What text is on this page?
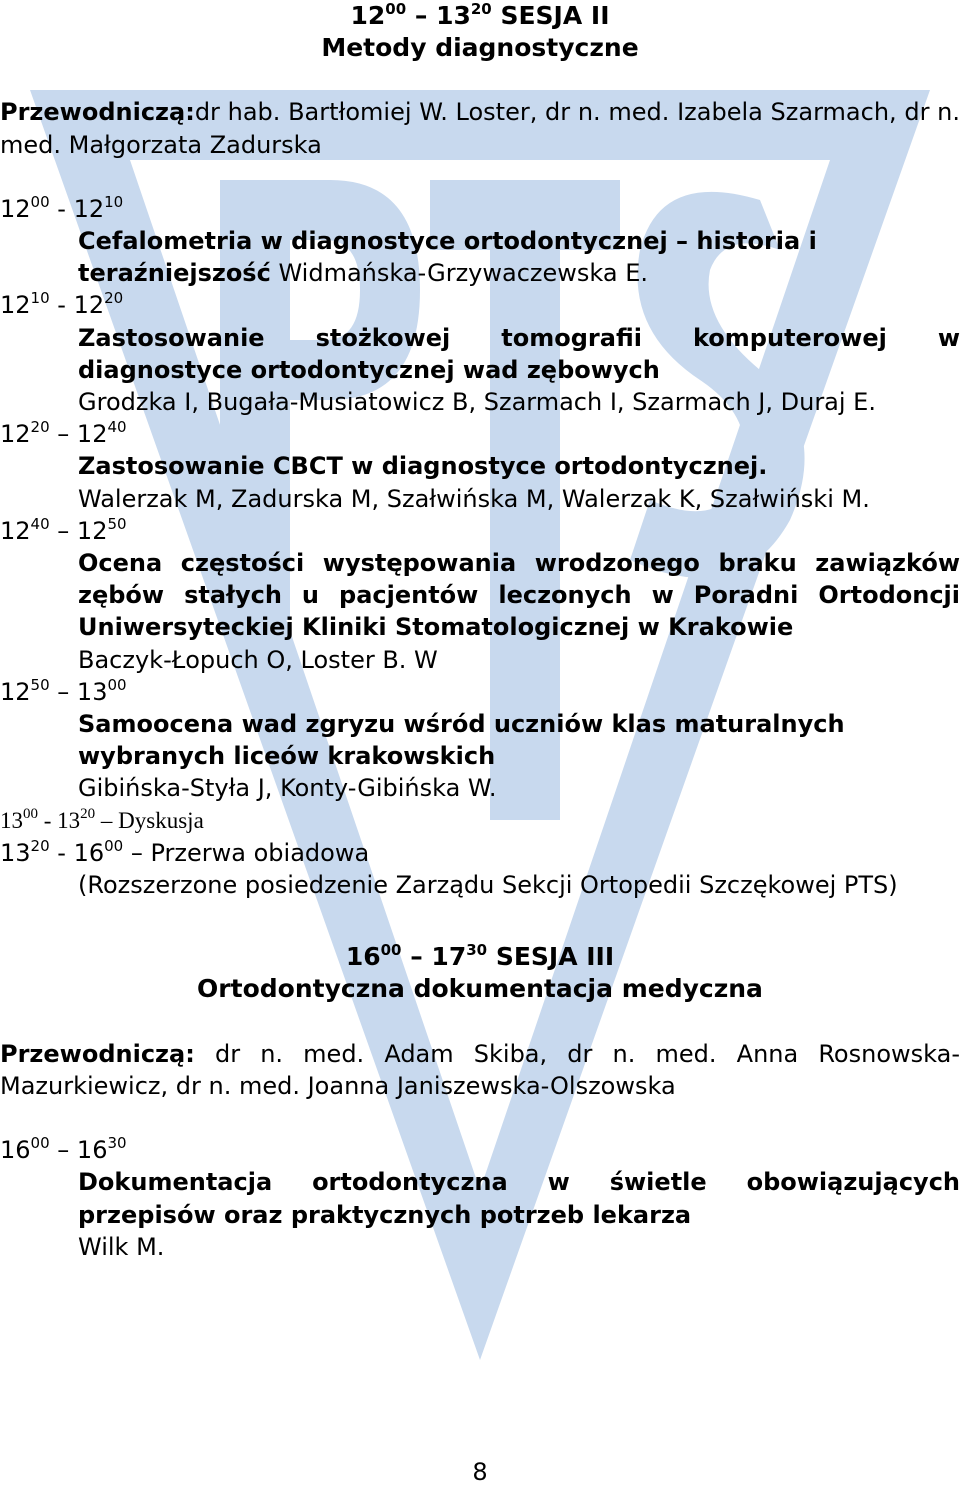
$12^{00} - 13^{20}$ SESJA II
Metody diagnostyczne
Przewodniczą:dr hab. Bartłomiej W. Loster, dr n. med. Izabela Szarmach, dr n. med. Małgorzata Zadurska
$12^{00} - 12^{10}$
Cefalometria w diagnostyce ortodontycznej – historia i teraźniejszość Widmańska-Grzywaczewska E.
$12^{10} - 12^{20}$
Zastosowanie stożkowej tomografii komputerowej w diagnostyce ortodontycznej wad zębowych
Grodzka I, Bugała-Musiatowicz B, Szarmach I, Szarmach J, Duraj E.
$12^{20} - 12^{40}$
Zastosowanie CBCT w diagnostyce ortodontycznej.
Walerzak M, Zadurska M, Szałwińska M, Walerzak K, Szałwiński M.
$12^{40} - 12^{50}$
Ocena częstości występowania wrodzonego braku zawiązków zębów stałych u pacjentów leczonych w Poradni Ortodoncji Uniwersyteckiej Kliniki Stomatologicznej w Krakowie
Baczyk-Łopuch O, Loster B. W
$12^{50} - 13^{00}$
Samoocena wad zgryzu wśród uczniów klas maturalnych wybranych liceów krakowskich
Gibińska-Styła J, Konty-Gibińska W.
$13^{00} - 13^{20}$ – Dyskusja
$13^{20} - 16^{00}$ – Przerwa obiadowa
(Rozszerzone posiedzenie Zarządu Sekcji Ortopedii Szczękowej PTS)
$16^{00} - 17^{30}$ SESJA III
Ortodontyczna dokumentacja medyczna
Przewodniczą: dr n. med. Adam Skiba, dr n. med. Anna Rosnowska-Mazurkiewicz, dr n. med. Joanna Janiszewska-Olszowska
$16^{00} - 16^{30}$
Dokumentacja ortodontyczna w świetle obowiązujących przepisów oraz praktycznych potrzeb lekarza
Wilk M.
8
